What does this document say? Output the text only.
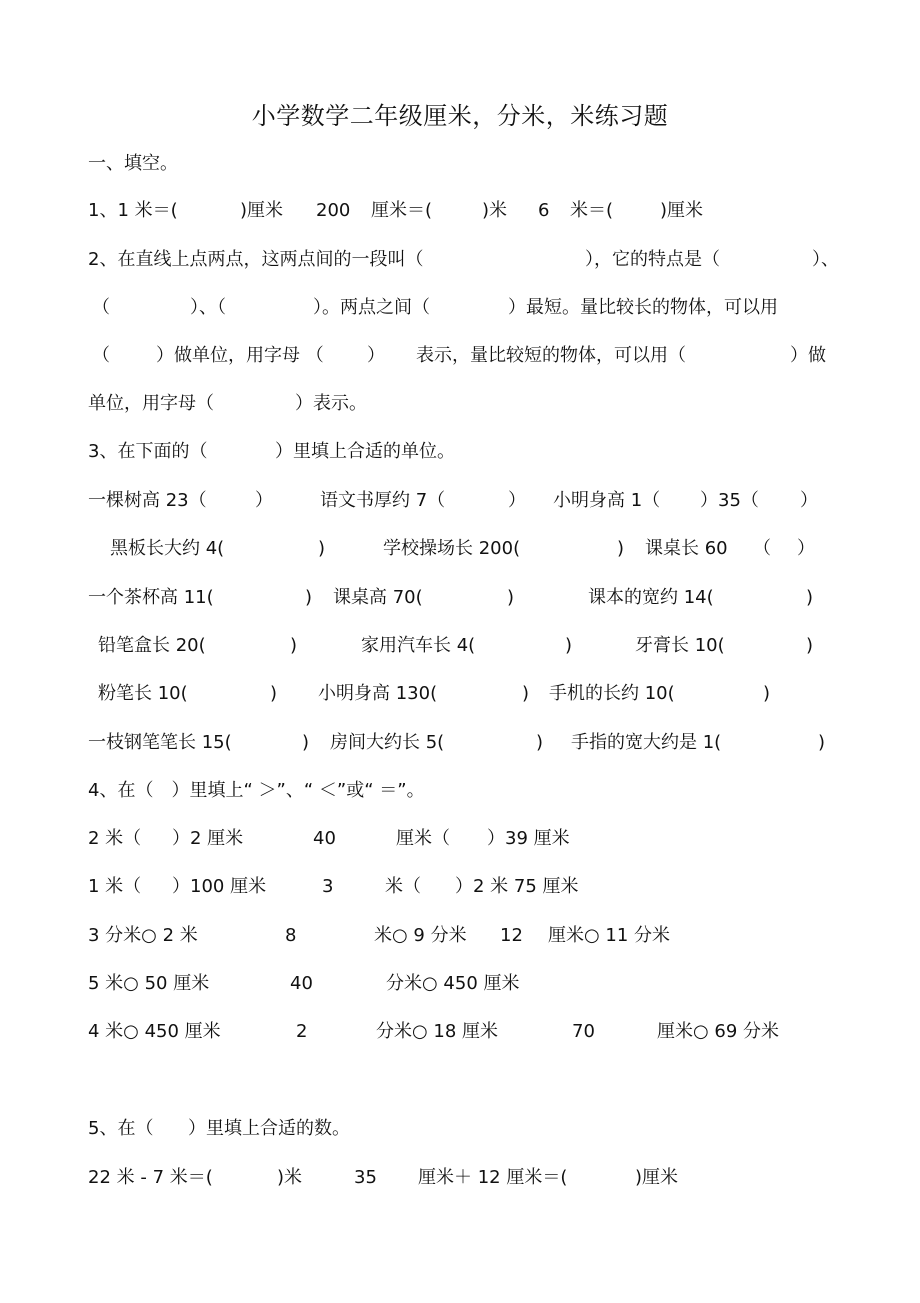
小学数学二年级厘米，分米，米练习题
一、填空。
1、1 米＝(	)厘米 200 厘米＝(	)米 6 米＝(	)厘米
2、在直线上点两点，这两点间的一段叫（	），它的特点是（	）、
（	）、（	）。两点之间（	）最短。量比较长的物体，可以用
（	）做单位，用字母 （ ） 表示，量比较短的物体，可以用（	）做
单位，用字母（	）表示。
3、在下面的（	）里填上合适的单位。
一棵树高 23（	）	语文书厚约 7（	） 小明身高 1（ ）35（ ）
黑板长大约 4(	)	学校操场长 200(	) 课桌长 60 （ ）
一个茶杯高 11(	) 课桌高 70(	)	课本的宽约 14(	)
铅笔盒长 20(	)	家用汽车长 4(	)	牙膏长 10(	)
粉笔长 10(	) 小明身高 130(	) 手机的长约 10(	)
一枝钢笔笔长 15(	) 房间大约长 5(	) 手指的宽大约是 1(	)
4、在（　）里填上“ ＞”、“ ＜”或“ ＝”。
2 米（ ）2 厘米	40	厘米（ ）39 厘米
1 米（ ）100 厘米	3	米（ ）2 米 75 厘米
3 分米○ 2 米	8	米○ 9 分米 12 厘米○ 11 分米
5 米○ 50 厘米	40	分米○ 450 厘米
4 米○ 450 厘米	2	分米○ 18 厘米	70	厘米○ 69 分米
5、在（ ）里填上合适的数。
22 米 - 7 米＝(	)米	35 厘米＋ 12 厘米＝(	)厘米
